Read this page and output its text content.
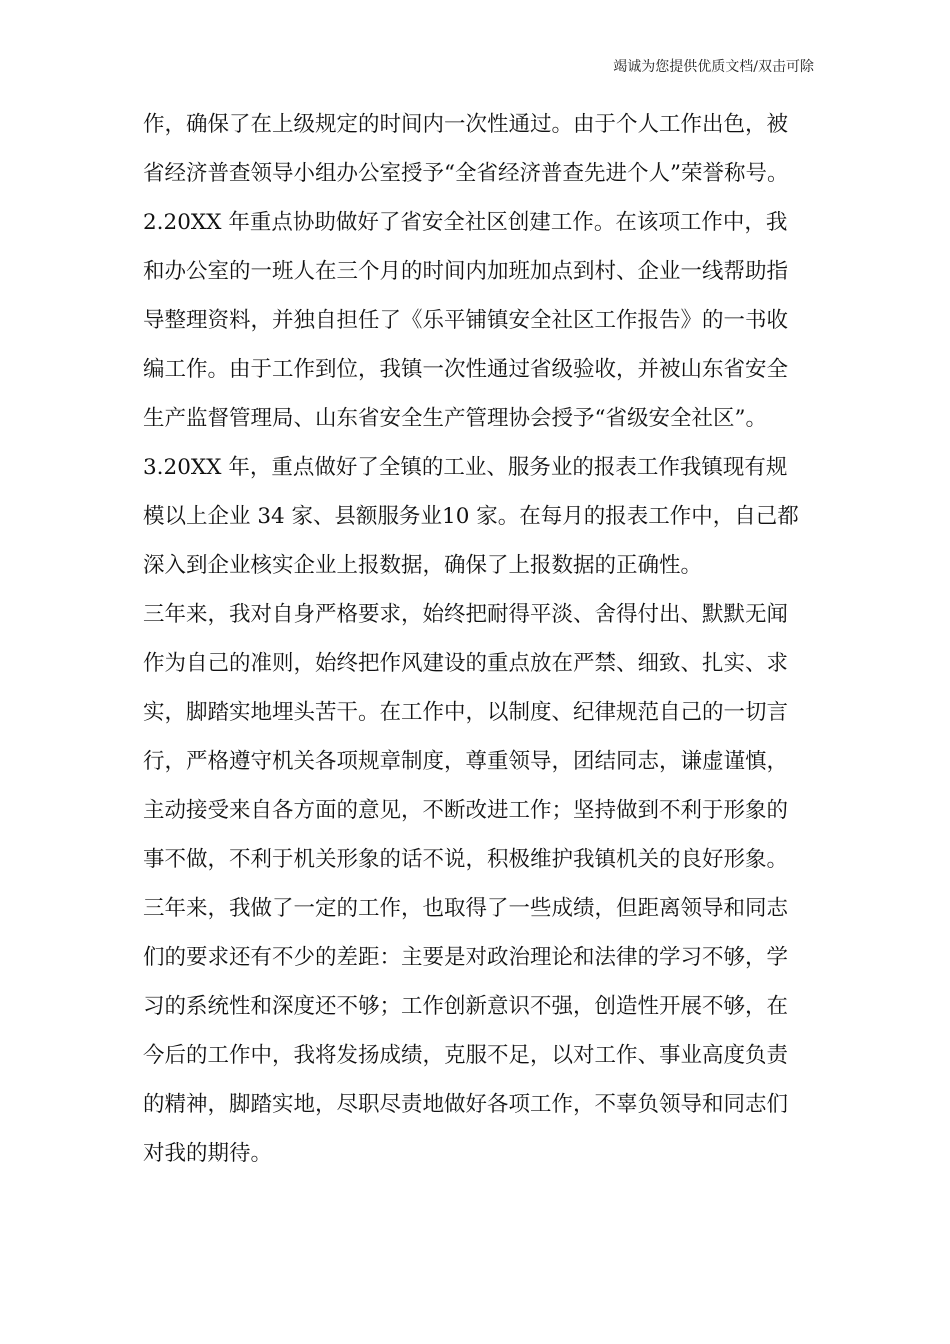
竭诚为您提供优质文档/双击可除
作，确保了在上级规定的时间内一次性通过。由于个人工作出色，被
省经济普查领导小组办公室授予“全省经济普查先进个人”荣誉称号。
2.20XX 年重点协助做好了省安全社区创建工作。在该项工作中，我
和办公室的一班人在三个月的时间内加班加点到村、企业一线帮助指
导整理资料，并独自担任了《乐平铺镇安全社区工作报告》的一书收
编工作。由于工作到位，我镇一次性通过省级验收，并被山东省安全
生产监督管理局、山东省安全生产管理协会授予“省级安全社区”。
3.20XX 年，重点做好了全镇的工业、服务业的报表工作我镇现有规
模以上企业 34 家、县额服务业10 家。在每月的报表工作中，自己都
深入到企业核实企业上报数据，确保了上报数据的正确性。
三年来，我对自身严格要求，始终把耐得平淡、舍得付出、默默无闻
作为自己的准则，始终把作风建设的重点放在严禁、细致、扎实、求
实，脚踏实地埋头苦干。在工作中，以制度、纪律规范自己的一切言
行，严格遵守机关各项规章制度，尊重领导，团结同志，谦虚谨慎，
主动接受来自各方面的意见，不断改进工作；坚持做到不利于形象的
事不做，不利于机关形象的话不说，积极维护我镇机关的良好形象。
三年来，我做了一定的工作，也取得了一些成绩，但距离领导和同志
们的要求还有不少的差距：主要是对政治理论和法律的学习不够，学
习的系统性和深度还不够；工作创新意识不强，创造性开展不够，在
今后的工作中，我将发扬成绩，克服不足，以对工作、事业高度负责
的精神，脚踏实地，尽职尽责地做好各项工作，不辜负领导和同志们
对我的期待。
